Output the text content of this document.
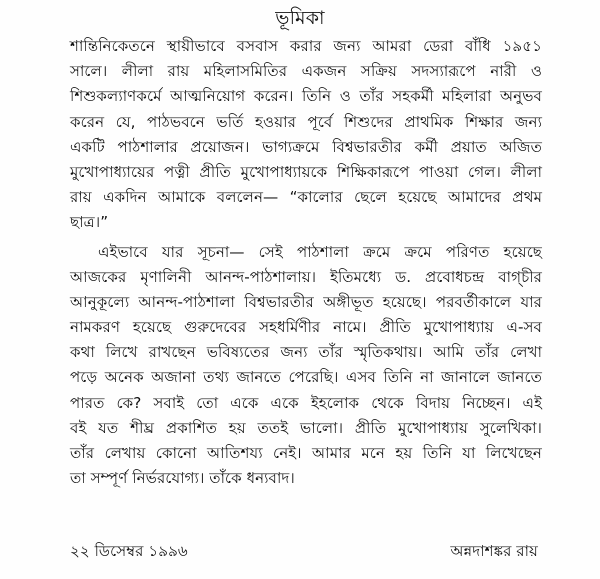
ভূমিকা
শান্তিনিকেতনে স্থায়ীভাবে বসবাস করার জন্য আমরা ডেরা বাঁধি ১৯৫১
সালে। লীলা রায় মহিলাসমিতির একজন সক্রিয় সদস্যারূপে নারী ও
শিশুকল্যাণকর্মে আত্মনিয়োগ করেন। তিনি ও তাঁর সহকর্মী মহিলারা অনুভব
করেন যে, পাঠভবনে ভর্তি হওয়ার পূর্বে শিশুদের প্রাথমিক শিক্ষার জন্য
একটি পাঠশালার প্রয়োজন। ভাগ্যক্রমে বিশ্বভারতীর কর্মী প্রয়াত অজিত
মুখোপাধ্যায়ের পত্নী প্রীতি মুখোপাধ্যায়কে শিক্ষিকারূপে পাওয়া গেল। লীলা
রায় একদিন আমাকে বললেন— “কালোর ছেলে হয়েছে আমাদের প্রথম
ছাত্র।”
এইভাবে যার সূচনা— সেই পাঠশালা ক্রমে ক্রমে পরিণত হয়েছে
আজকের মৃণালিনী আনন্দ-পাঠশালায়। ইতিমধ্যে ড. প্রবোধচন্দ্র বাগ্‌চীর
আনুকূল্যে আনন্দ-পাঠশালা বিশ্বভারতীর অঙ্গীভূত হয়েছে। পরবর্তীকালে যার
নামকরণ হয়েছে গুরুদেবের সহধর্মিণীর নামে। প্রীতি মুখোপাধ্যায় এ-সব
কথা লিখে রাখছেন ভবিষ্যতের জন্য তাঁর স্মৃতিকথায়। আমি তাঁর লেখা
পড়ে অনেক অজানা তথ্য জানতে পেরেছি। এসব তিনি না জানালে জানতে
পারত কে? সবাই তো একে একে ইহলোক থেকে বিদায় নিচ্ছেন। এই
বই যত শীঘ্র প্রকাশিত হয় ততই ভালো। প্রীতি মুখোপাধ্যায় সুলেখিকা।
তাঁর লেখায় কোনো আতিশয্য নেই। আমার মনে হয় তিনি যা লিখেছেন
তা সম্পূর্ণ নির্ভরযোগ্য। তাঁকে ধন্যবাদ।
২২ ডিসেম্বর ১৯৯৬	অন্নদাশঙ্কর রায়
